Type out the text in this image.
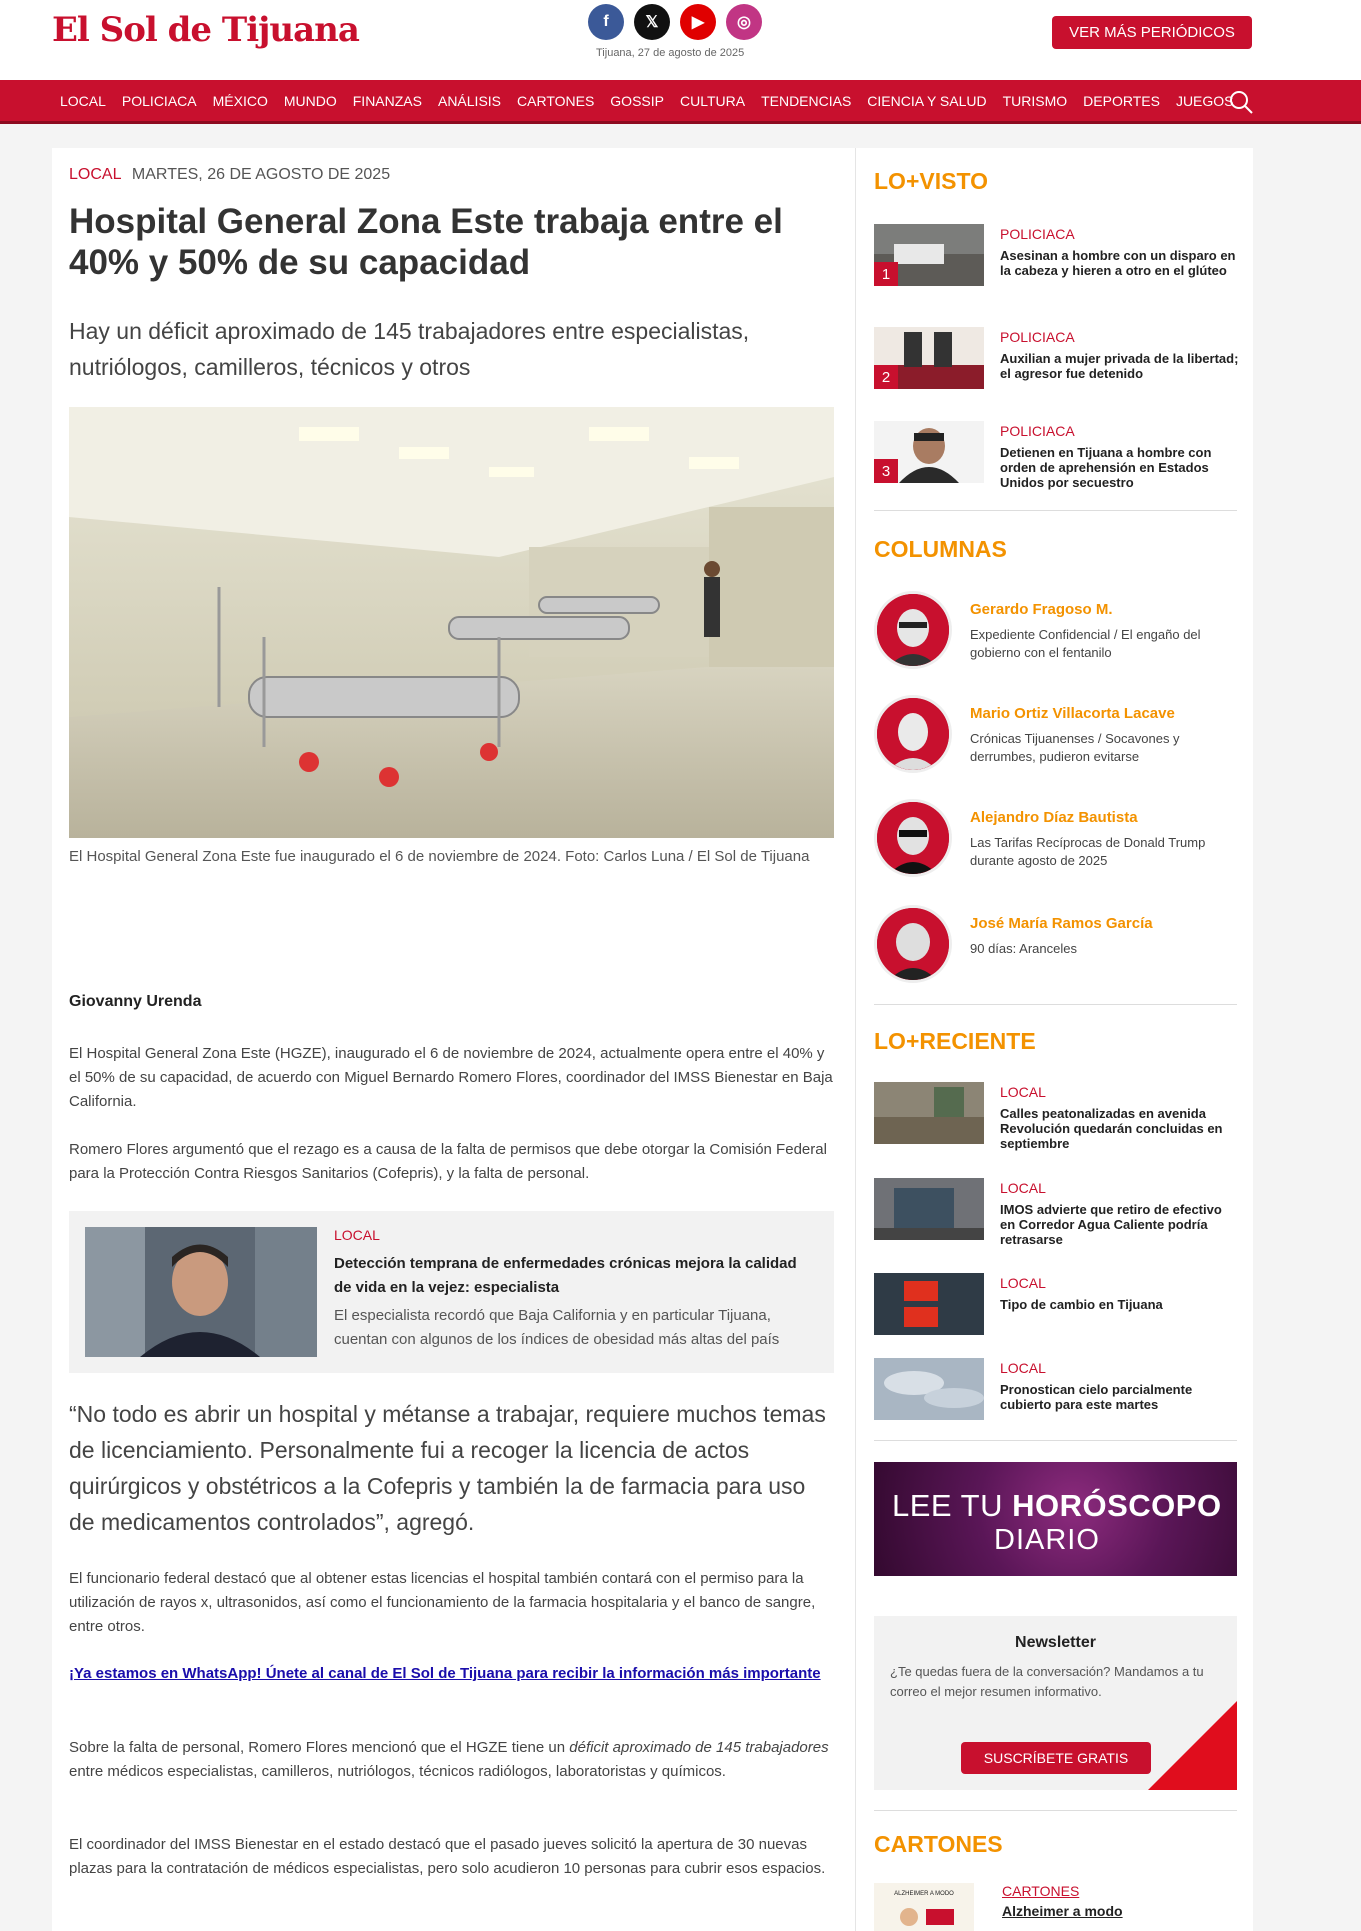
El Sol de Tijuana	f	𝕏	▶	◎
Tijuana, 27 de agosto de 2025
VER MÁS PERIÓDICOS
LOCAL	POLICIACA	MÉXICO	MUNDO	FINANZAS	ANÁLISIS	CARTONES	GOSSIP	CULTURA	TENDENCIAS	CIENCIA Y SALUD	TURISMO	DEPORTES	JUEGOS
LOCAL MARTES, 26 DE AGOSTO DE 2025
Hospital General Zona Este trabaja entre el 40% y 50% de su capacidad
Hay un déficit aproximado de 145 trabajadores entre especialistas, nutriólogos, camilleros, técnicos y otros
El Hospital General Zona Este fue inaugurado el 6 de noviembre de 2024. Foto: Carlos Luna / El Sol de Tijuana
Giovanny Urenda

El Hospital General Zona Este (HGZE), inaugurado el 6 de noviembre de 2024, actualmente opera entre el 40% y el 50% de su capacidad, de acuerdo con Miguel Bernardo Romero Flores, coordinador del IMSS Bienestar en Baja California.

Romero Flores argumentó que el rezago es a causa de la falta de permisos que debe otorgar la Comisión Federal para la Protección Contra Riesgos Sanitarios (Cofepris), y la falta de personal.

LOCAL
Detección temprana de enfermedades crónicas mejora la calidad de vida en la vejez: especialista
El especialista recordó que Baja California y en particular Tijuana, cuentan con algunos de los índices de obesidad más altas del país
“No todo es abrir un hospital y métanse a trabajar, requiere muchos temas de licenciamiento. Personalmente fui a recoger la licencia de actos quirúrgicos y obstétricos a la Cofepris y también la de farmacia para uso de medicamentos controlados”, agregó.

El funcionario federal destacó que al obtener estas licencias el hospital también contará con el permiso para la utilización de rayos x, ultrasonidos, así como el funcionamiento de la farmacia hospitalaria y el banco de sangre, entre otros.

¡Ya estamos en WhatsApp! Únete al canal de El Sol de Tijuana para recibir la información más importante

Sobre la falta de personal, Romero Flores mencionó que el HGZE tiene un déficit aproximado de 145 trabajadores entre médicos especialistas, camilleros, nutriólogos, técnicos radiólogos, laboratoristas y químicos.

El coordinador del IMSS Bienestar en el estado destacó que el pasado jueves solicitó la apertura de 30 nuevas plazas para la contratación de médicos especialistas, pero solo acudieron 10 personas para cubrir esos espacios.

LO+VISTO
1
POLICIACA
Asesinan a hombre con un disparo en la cabeza y hieren a otro en el glúteo
2
POLICIACA
Auxilian a mujer privada de la libertad; el agresor fue detenido
3
POLICIACA
Detienen en Tijuana a hombre con orden de aprehensión en Estados Unidos por secuestro
COLUMNAS
Gerardo Fragoso M.
Expediente Confidencial / El engaño del gobierno con el fentanilo
Mario Ortiz Villacorta Lacave
Crónicas Tijuanenses / Socavones y derrumbes, pudieron evitarse
Alejandro Díaz Bautista
Las Tarifas Recíprocas de Donald Trump durante agosto de 2025
José María Ramos García
90 días: Aranceles
LO+RECIENTE
LOCAL
Calles peatonalizadas en avenida Revolución quedarán concluidas en septiembre
LOCAL
IMOS advierte que retiro de efectivo en Corredor Agua Caliente podría retrasarse
LOCAL
Tipo de cambio en Tijuana
LOCAL
Pronostican cielo parcialmente cubierto para este martes
LEE TU HORÓSCOPO
DIARIO
Newsletter
¿Te quedas fuera de la conversación? Mandamos a tu correo el mejor resumen informativo.
SUSCRÍBETE GRATIS
CARTONES
ALZHEIMER A MODO	CARTONES
Alzheimer a modo
